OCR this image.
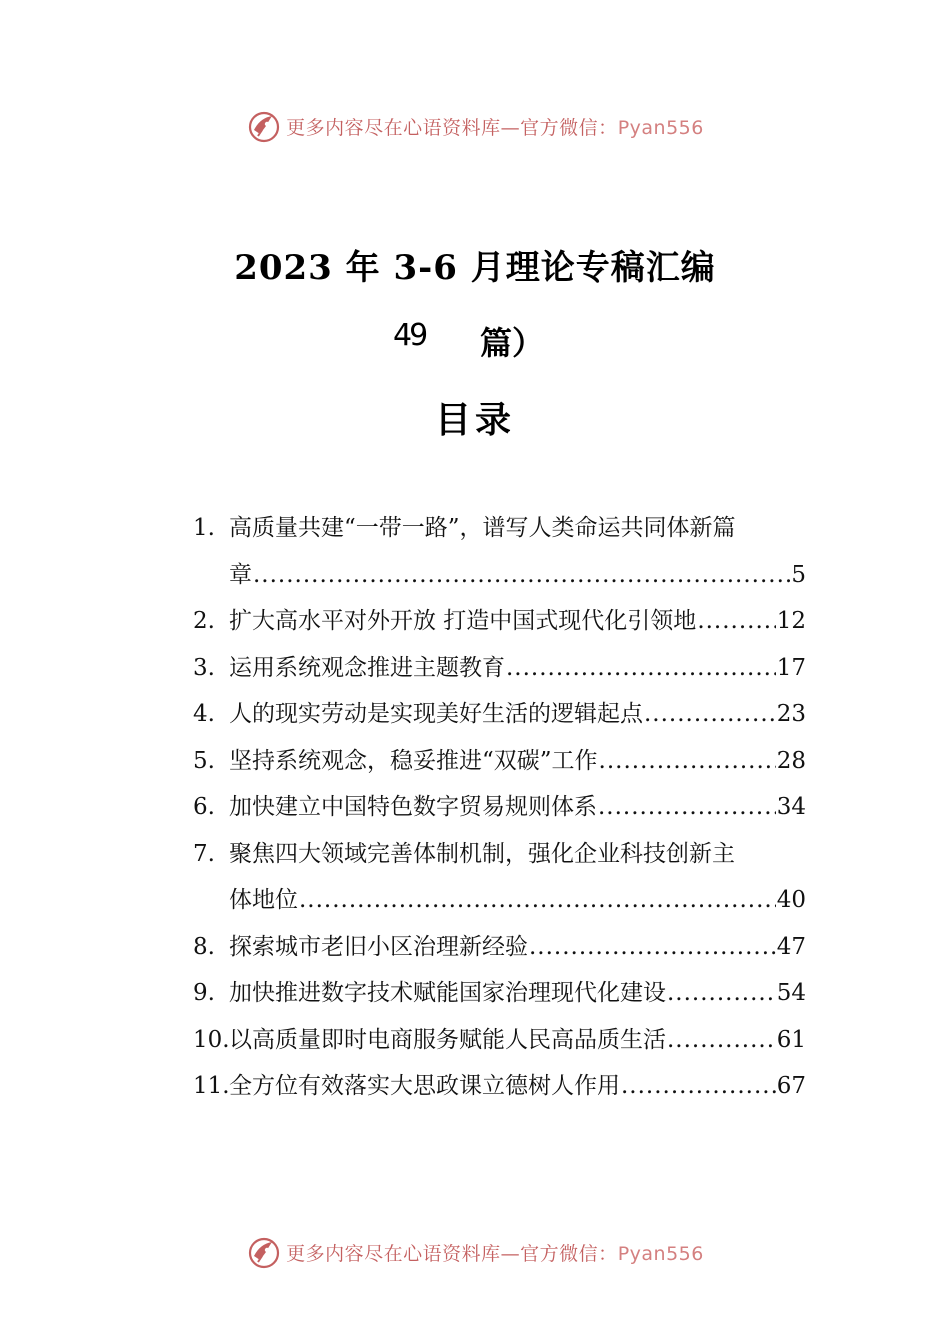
更多内容尽在心语资料库—官方微信：Pyan556
2023 年 3-6 月理论专稿汇编
49 篇）
目录
1. 高质量共建“一带一路”，谱写人类命运共同体新篇
章 .....	5
2. 扩大高水平对外开放 打造中国式现代化引领地 .....	12
3. 运用系统观念推进主题教育 .....	17
4. 人的现实劳动是实现美好生活的逻辑起点 .....	23
5. 坚持系统观念，稳妥推进“双碳”工作 .....	28
6. 加快建立中国特色数字贸易规则体系 .....	34
7. 聚焦四大领域完善体制机制，强化企业科技创新主
体地位 .....	40
8. 探索城市老旧小区治理新经验 .....	47
9. 加快推进数字技术赋能国家治理现代化建设 .....	54
10. 以高质量即时电商服务赋能人民高品质生活 .....	61
11. 全方位有效落实大思政课立德树人作用 .....	67
更多内容尽在心语资料库—官方微信：Pyan556
